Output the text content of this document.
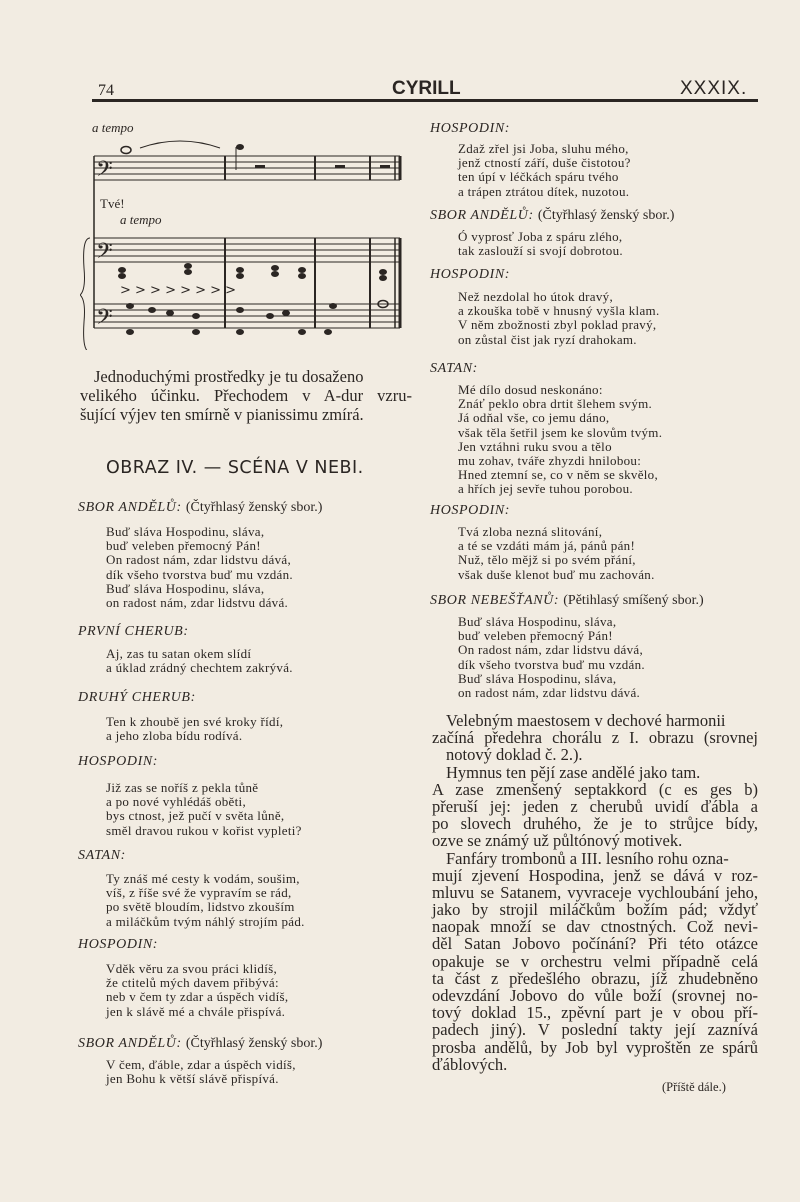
74	CYRILL	XXXIX.
𝄢
𝄢
𝄢
> > > > > > > >
a tempo
Tvé!
a tempo
Jednoduchými prostředky je tu dosaženo
velikého účinku. Přechodem v A-dur vzru-
šující výjev ten smírně v pianissimu zmírá.
OBRAZ IV. — SCÉNA V NEBI.
SBOR ANDĚLŮ: (Čtyřhlasý ženský sbor.)
Buď sláva Hospodinu, sláva,
buď veleben přemocný Pán!
On radost nám, zdar lidstvu dává,
dík všeho tvorstva buď mu vzdán.
Buď sláva Hospodinu, sláva,
on radost nám, zdar lidstvu dává.
PRVNÍ CHERUB:
Aj, zas tu satan okem slídí
a úklad zrádný chechtem zakrývá.
DRUHÝ CHERUB:
Ten k zhoubě jen své kroky řídí,
a jeho zloba bídu rodívá.
HOSPODIN:
Již zas se noříš z pekla tůně
a po nové vyhlédáš oběti,
bys ctnost, jež pučí v světa lůně,
směl dravou rukou v kořist vypleti?
SATAN:
Ty znáš mé cesty k vodám, soušim,
víš, z říše své že vypravím se rád,
po světě bloudím, lidstvo zkouším
a miláčkům tvým náhlý strojím pád.
HOSPODIN:
Vděk věru za svou práci klidíš,
že ctitelů mých davem přibývá:
neb v čem ty zdar a úspěch vidíš,
jen k slávě mé a chvále přispívá.
SBOR ANDĚLŮ: (Čtyřhlasý ženský sbor.)
V čem, ďáble, zdar a úspěch vidíš,
jen Bohu k větší slávě přispívá.
HOSPODIN:
Zdaž zřel jsi Joba, sluhu mého,
jenž ctností září, duše čistotou?
ten úpí v léčkách spáru tvého
a trápen ztrátou dítek, nuzotou.
SBOR ANDĚLŮ: (Čtyřhlasý ženský sbor.)
Ó vyprosť Joba z spáru zlého,
tak zaslouží si svojí dobrotou.
HOSPODIN:
Než nezdolal ho útok dravý,
a zkouška tobě v hnusný vyšla klam.
V něm zbožnosti zbyl poklad pravý,
on zůstal čist jak ryzí drahokam.
SATAN:
Mé dílo dosud neskonáno:
Znáť peklo obra drtit šlehem svým.
Já odňal vše, co jemu dáno,
však těla šetřil jsem ke slovům tvým.
Jen vztáhni ruku svou a tělo
mu zohav, tváře zhyzdi hnilobou:
Hned ztemní se, co v něm se skvělo,
a hřích jej sevře tuhou porobou.
HOSPODIN:
Tvá zloba nezná slitování,
a té se vzdáti mám já, pánů pán!
Nuž, tělo mějž si po svém přání,
však duše klenot buď mu zachován.
SBOR NEBEŠŤANŮ: (Pětihlasý smíšený sbor.)
Buď sláva Hospodinu, sláva,
buď veleben přemocný Pán!
On radost nám, zdar lidstvu dává,
dík všeho tvorstva buď mu vzdán.
Buď sláva Hospodinu, sláva,
on radost nám, zdar lidstvu dává.
Velebným maestosem v dechové harmonii
začíná předehra chorálu z I. obrazu (srovnej
notový doklad č. 2.).
Hymnus ten pějí zase andělé jako tam.
A zase zmenšený septakkord (c es ges b)
přeruší jej: jeden z cherubů uvidí ďábla a
po slovech druhého, že je to strůjce bídy,
ozve se známý už půltónový motivek.
Fanfáry trombonů a III. lesního rohu ozna-
mují zjevení Hospodina, jenž se dává v roz-
mluvu se Satanem, vyvraceje vychloubání jeho,
jako by strojil miláčkům božím pád; vždyť
naopak množí se dav ctnostných. Což nevi-
děl Satan Jobovo počínání? Při této otázce
opakuje se v orchestru velmi případně celá
ta část z předešlého obrazu, jíž zhudebněno
odevzdání Jobovo do vůle boží (srovnej no-
tový doklad 15., zpěvní part je v obou pří-
padech jiný). V poslední takty její zaznívá
prosba andělů, by Job byl vyproštěn ze spárů
ďáblových.
(Příště dále.)
